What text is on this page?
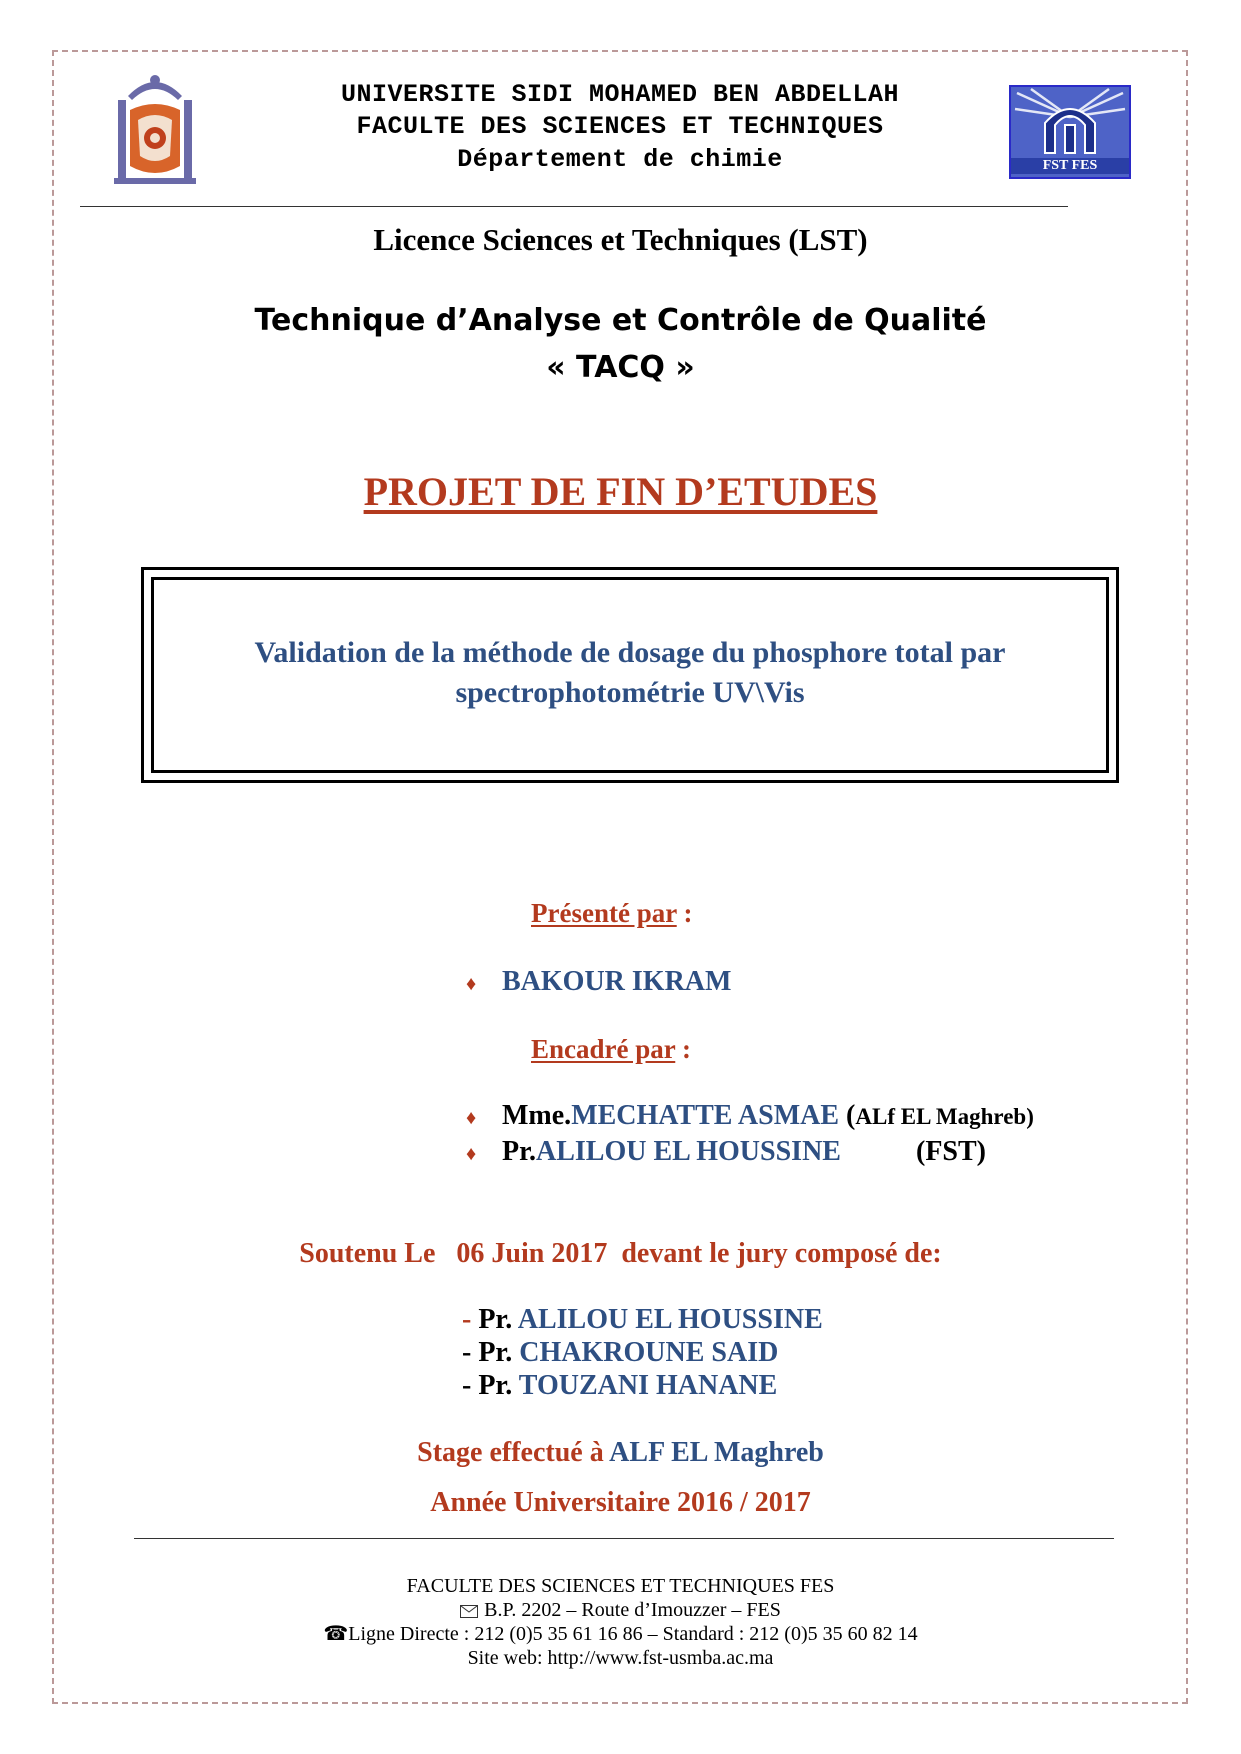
UNIVERSITE SIDI MOHAMED BEN ABDELLAH
FACULTE DES SCIENCES ET TECHNIQUES
Département de chimie	FST FES
Licence Sciences et Techniques (LST)
Technique d’Analyse et Contrôle de Qualité
« TACQ »
PROJET DE FIN D’ETUDES
Validation de la méthode de dosage du phosphore total par
spectrophotométrie UV\Vis
Présenté par :
♦ BAKOUR IKRAM
Encadré par :
♦ Mme.MECHATTE ASMAE (ALf EL Maghreb)
♦ Pr.ALILOU EL HOUSSINE	(FST)
Soutenu Le 06 Juin 2017 devant le jury composé de:
- Pr. ALILOU EL HOUSSINE
- Pr. CHAKROUNE SAID
- Pr. TOUZANI HANANE
Stage effectué à ALF EL Maghreb
Année Universitaire 2016 / 2017
FACULTE DES SCIENCES ET TECHNIQUES FES
B.P. 2202 – Route d’Imouzzer – FES
☎Ligne Directe : 212 (0)5 35 61 16 86 – Standard : 212 (0)5 35 60 82 14
Site web: http://www.fst-usmba.ac.ma
